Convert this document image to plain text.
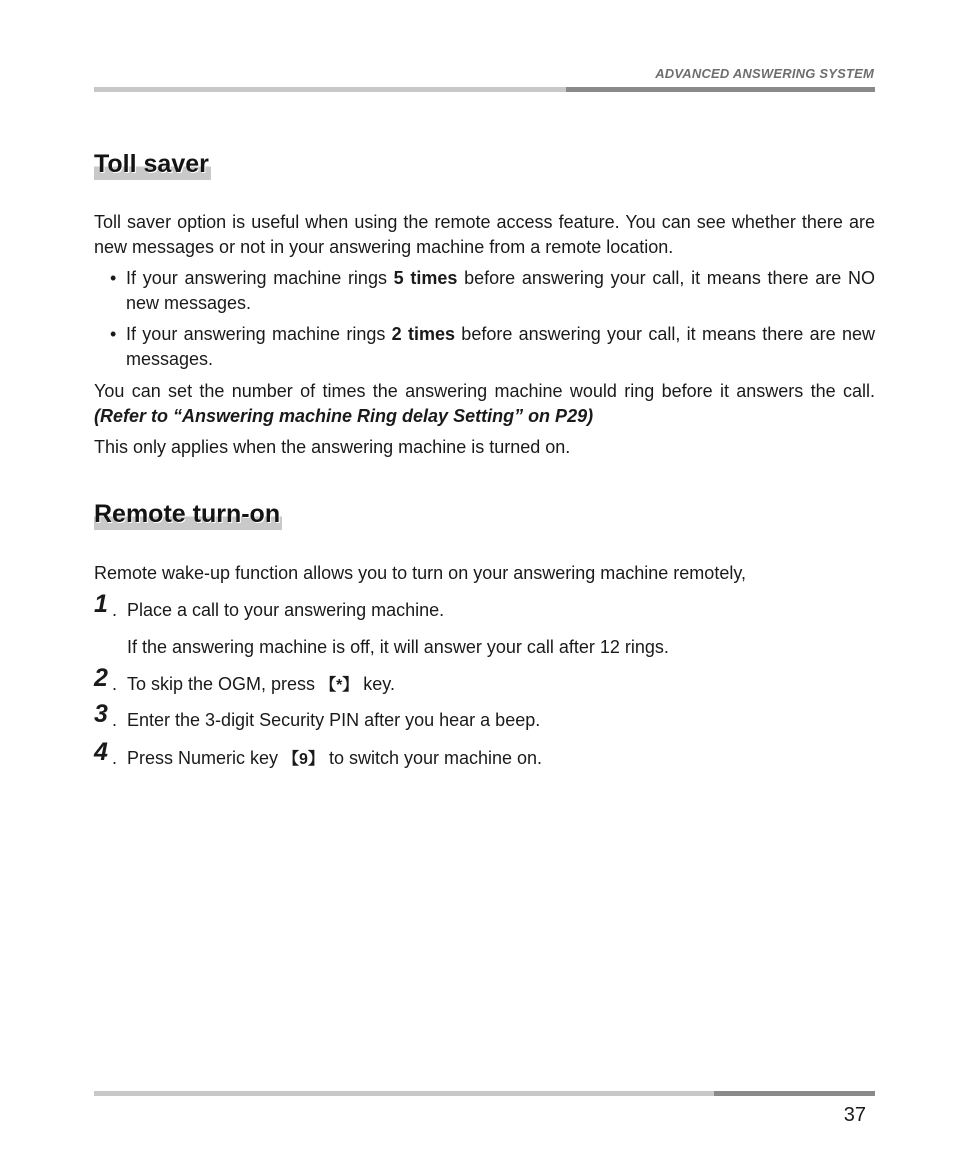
ADVANCED ANSWERING SYSTEM
Toll saver

Toll saver option is useful when using the remote access feature. You can see whether there are new messages or not in your answering machine from a remote location.

• If your answering machine rings 5 times before answering your call, it means there are NO new messages.
• If your answering machine rings 2 times before answering your call, it means there are new messages.

You can set the number of times the answering machine would ring before it answers the call. (Refer to “Answering machine Ring delay Setting” on P29)

This only applies when the answering machine is turned on.

Remote turn-on

Remote wake-up function allows you to turn on your answering machine remotely,

1 . Place a call to your answering machine.
If the answering machine is off, it will answer your call after 12 rings.
2 . To skip the OGM, press 【*】 key.
3 . Enter the 3-digit Security PIN after you hear a beep.
4 . Press Numeric key 【9】 to switch your machine on.
37
